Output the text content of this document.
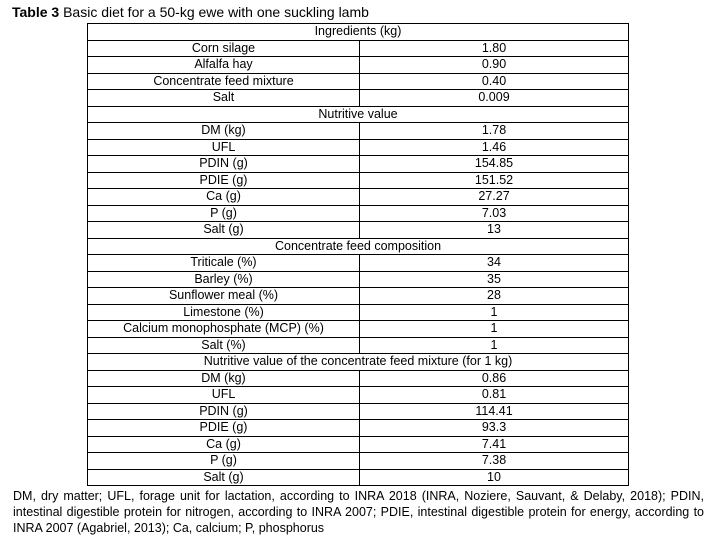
Table 3 Basic diet for a 50-kg ewe with one suckling lamb
Ingredients (kg)	
Corn silage	1.80
Alfalfa hay	0.90
Concentrate feed mixture	0.40
Salt	0.009
Nutritive value	
DM (kg)	1.78
UFL	1.46
PDIN (g)	154.85
PDIE (g)	151.52
Ca (g)	27.27
P (g)	7.03
Salt (g)	13
Concentrate feed composition	
Triticale (%)	34
Barley (%)	35
Sunflower meal (%)	28
Limestone (%)	1
Calcium monophosphate (MCP) (%)	1
Salt (%)	1
Nutritive value of the concentrate feed mixture (for 1 kg)	
DM (kg)	0.86
UFL	0.81
PDIN (g)	114.41
PDIE (g)	93.3
Ca (g)	7.41
P (g)	7.38
Salt (g)	10
DM, dry matter; UFL, forage unit for lactation, according to INRA 2018 (INRA, Noziere, Sauvant, & Delaby, 2018); PDIN, intestinal digestible protein for nitrogen, according to INRA 2007; PDIE, intestinal digestible protein for energy, according to INRA 2007 (Agabriel, 2013); Ca, calcium; P, phosphorus
